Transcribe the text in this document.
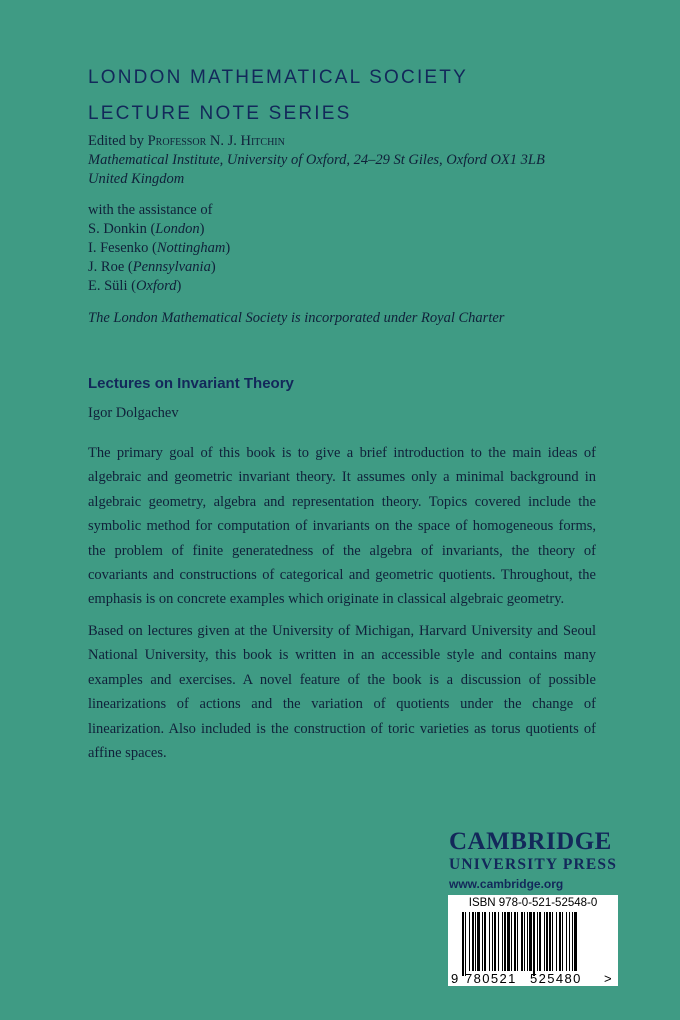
LONDON MATHEMATICAL SOCIETY
LECTURE NOTE SERIES
Edited by Professor N. J. Hitchin
Mathematical Institute, University of Oxford, 24–29 St Giles, Oxford OX1 3LB
United Kingdom
with the assistance of
S. Donkin (London)
I. Fesenko (Nottingham)
J. Roe (Pennsylvania)
E. Süli (Oxford)
The London Mathematical Society is incorporated under Royal Charter
Lectures on Invariant Theory
Igor Dolgachev

The primary goal of this book is to give a brief introduction to the main ideas of algebraic and geometric invariant theory. It assumes only a minimal background in algebraic geometry, algebra and representation theory. Topics covered include the symbolic method for computation of invariants on the space of homogeneous forms, the problem of finite generatedness of the algebra of invariants, the theory of covariants and constructions of categorical and geometric quotients. Throughout, the emphasis is on concrete examples which originate in classical algebraic geometry.

Based on lectures given at the University of Michigan, Harvard University and Seoul National University, this book is written in an accessible style and contains many examples and exercises. A novel feature of the book is a discussion of possible linearizations of actions and the variation of quotients under the change of linearization. Also included is the construction of toric varieties as torus quotients of affine spaces.

CAMBRIDGE
UNIVERSITY PRESS
www.cambridge.org
ISBN 978-0-521-52548-0
9 780521 525480 >
